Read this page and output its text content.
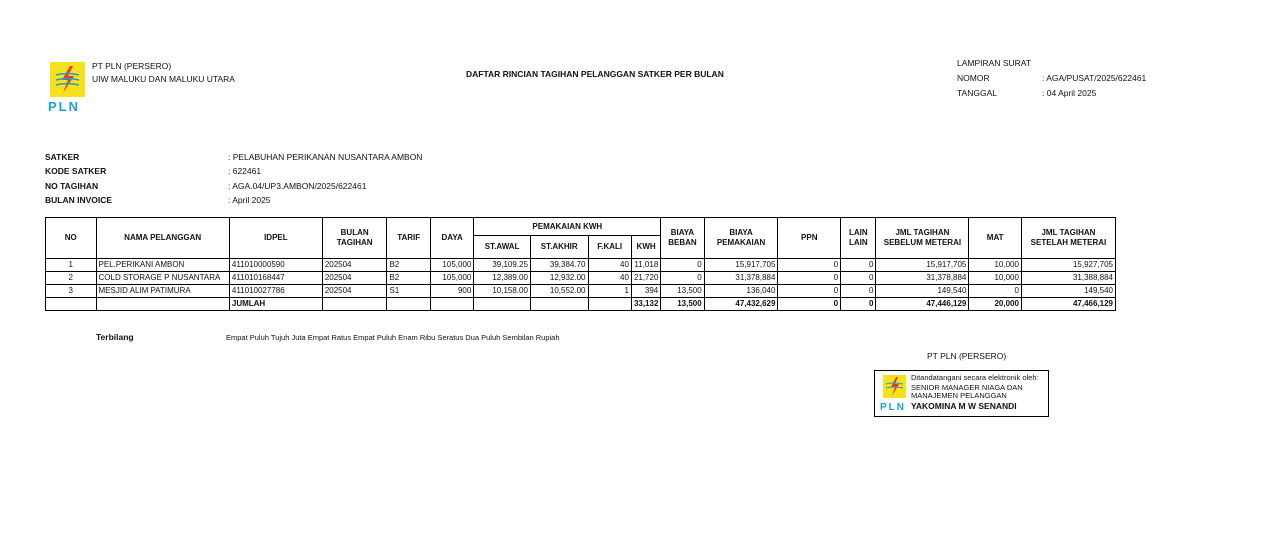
PLN
PT PLN (PERSERO)
UIW MALUKU DAN MALUKU UTARA	DAFTAR RINCIAN TAGIHAN PELANGGAN SATKER PER BULAN
LAMPIRAN SURAT
NOMOR	: AGA/PUSAT/2025/622461
TANGGAL	: 04 April 2025
SATKER	: PELABUHAN PERIKANAN NUSANTARA AMBON
KODE SATKER	: 622461
NO TAGIHAN	: AGA.04/UP3.AMBON/2025/622461
BULAN INVOICE	: April 2025
NO	NAMA PELANGGAN	IDPEL	BULAN TAGIHAN	TARIF	DAYA	PEMAKAIAN KWH				BIAYA BEBAN	BIAYA PEMAKAIAN	PPN	LAIN LAIN	JML TAGIHAN SEBELUM METERAI	MAT	JML TAGIHAN SETELAH METERAI
						ST.AWAL	ST.AKHIR	F.KALI	KWH							
1	PEL.PERIKANI AMBON	411010000590	202504	B2	105,000	39,109.25	39,384.70	40	11,018	0	15,917,705	0	0	15,917,705	10,000	15,927,705
2	COLD STORAGE P NUSANTARA	411010168447	202504	B2	105,000	12,389.00	12,932.00	40	21,720	0	31,378,884	0	0	31,378,884	10,000	31,388,884
3	MESJID ALIM PATIMURA	411010027786	202504	S1	900	10,158.00	10,552.00	1	394	13,500	136,040	0	0	149,540	0	149,540
		JUMLAH							33,132	13,500	47,432,629	0	0	47,446,129	20,000	47,466,129
Terbilang	Empat Puluh Tujuh Juta Empat Ratus Empat Puluh Enam Ribu Seratus Dua Puluh Sembilan Rupiah
PT PLN (PERSERO)
PLN
Ditandatangani secara elektronik oleh:
SENIOR MANAGER NIAGA DAN
MANAJEMEN PELANGGAN
YAKOMINA M W SENANDI
